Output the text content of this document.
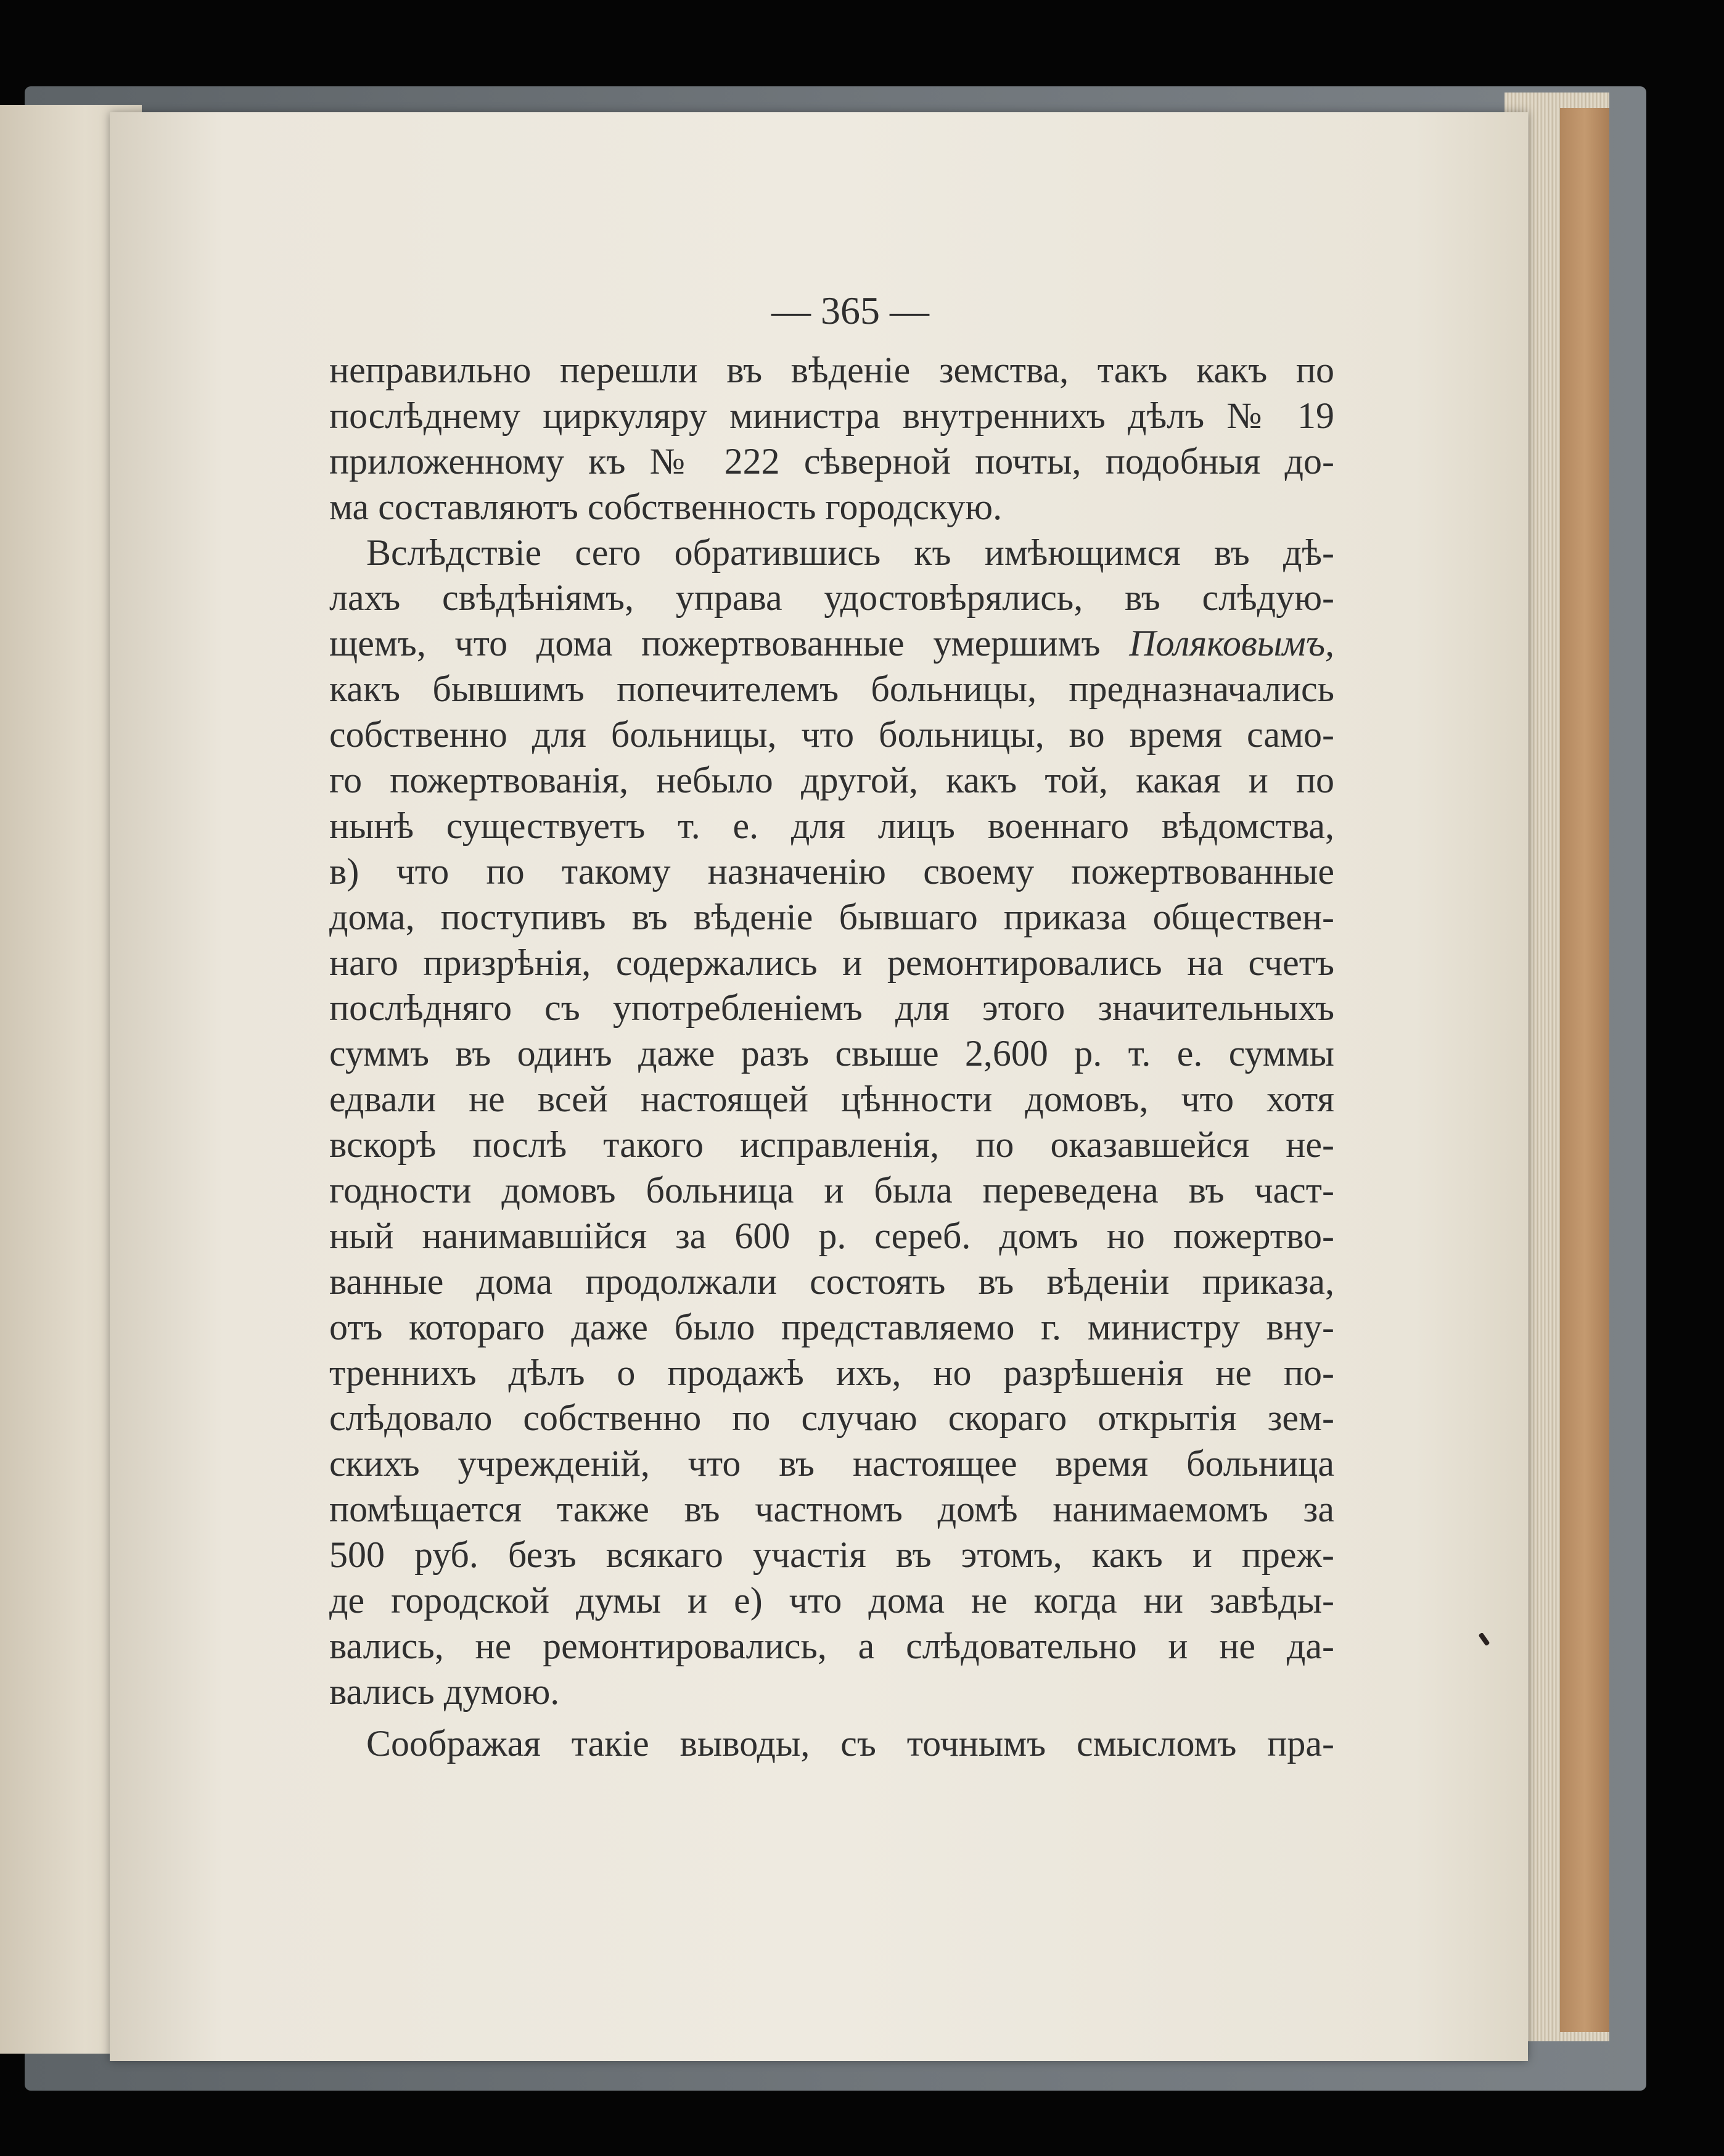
— 365 —
неправильно перешли въ вѣденіе земства, такъ какъ по
послѣднему циркуляру министра внутреннихъ дѣлъ № 19
приложенному къ № 222 сѣверной почты, подобныя до-
ма составляютъ собственность городскую.
Вслѣдствіе сего обратившись къ имѣющимся въ дѣ-
лахъ свѣдѣніямъ, управа удостовѣрялись, въ слѣдую-
щемъ, что дома пожертвованные умершимъ Поляковымъ,
какъ бывшимъ попечителемъ больницы, предназначались
собственно для больницы, что больницы, во время само-
го пожертвованія, небыло другой, какъ той, какая и по
нынѣ существуетъ т. е. для лицъ военнаго вѣдомства,
в) что по такому назначенію своему пожертвованные
дома, поступивъ въ вѣденіе бывшаго приказа обществен-
наго призрѣнія, содержались и ремонтировались на счетъ
послѣдняго съ употребленіемъ для этого значительныхъ
суммъ въ одинъ даже разъ свыше 2,600 р. т. е. суммы
едвали не всей настоящей цѣнности домовъ, что хотя
вскорѣ послѣ такого исправленія, по оказавшейся не-
годности домовъ больница и была переведена въ част-
ный нанимавшійся за 600 р. сереб. домъ но пожертво-
ванные дома продолжали состоять въ вѣденіи приказа,
отъ котораго даже было представляемо г. министру вну-
треннихъ дѣлъ о продажѣ ихъ, но разрѣшенія не по-
слѣдовало собственно по случаю скораго открытія зем-
скихъ учрежденій, что въ настоящее время больница
помѣщается также въ частномъ домѣ нанимаемомъ за
500 руб. безъ всякаго участія въ этомъ, какъ и преж-
де городской думы и е) что дома не когда ни завѣды-
вались, не ремонтировались, а слѣдовательно и не да-
вались думою.
Соображая такіе выводы, съ точнымъ смысломъ пра-
